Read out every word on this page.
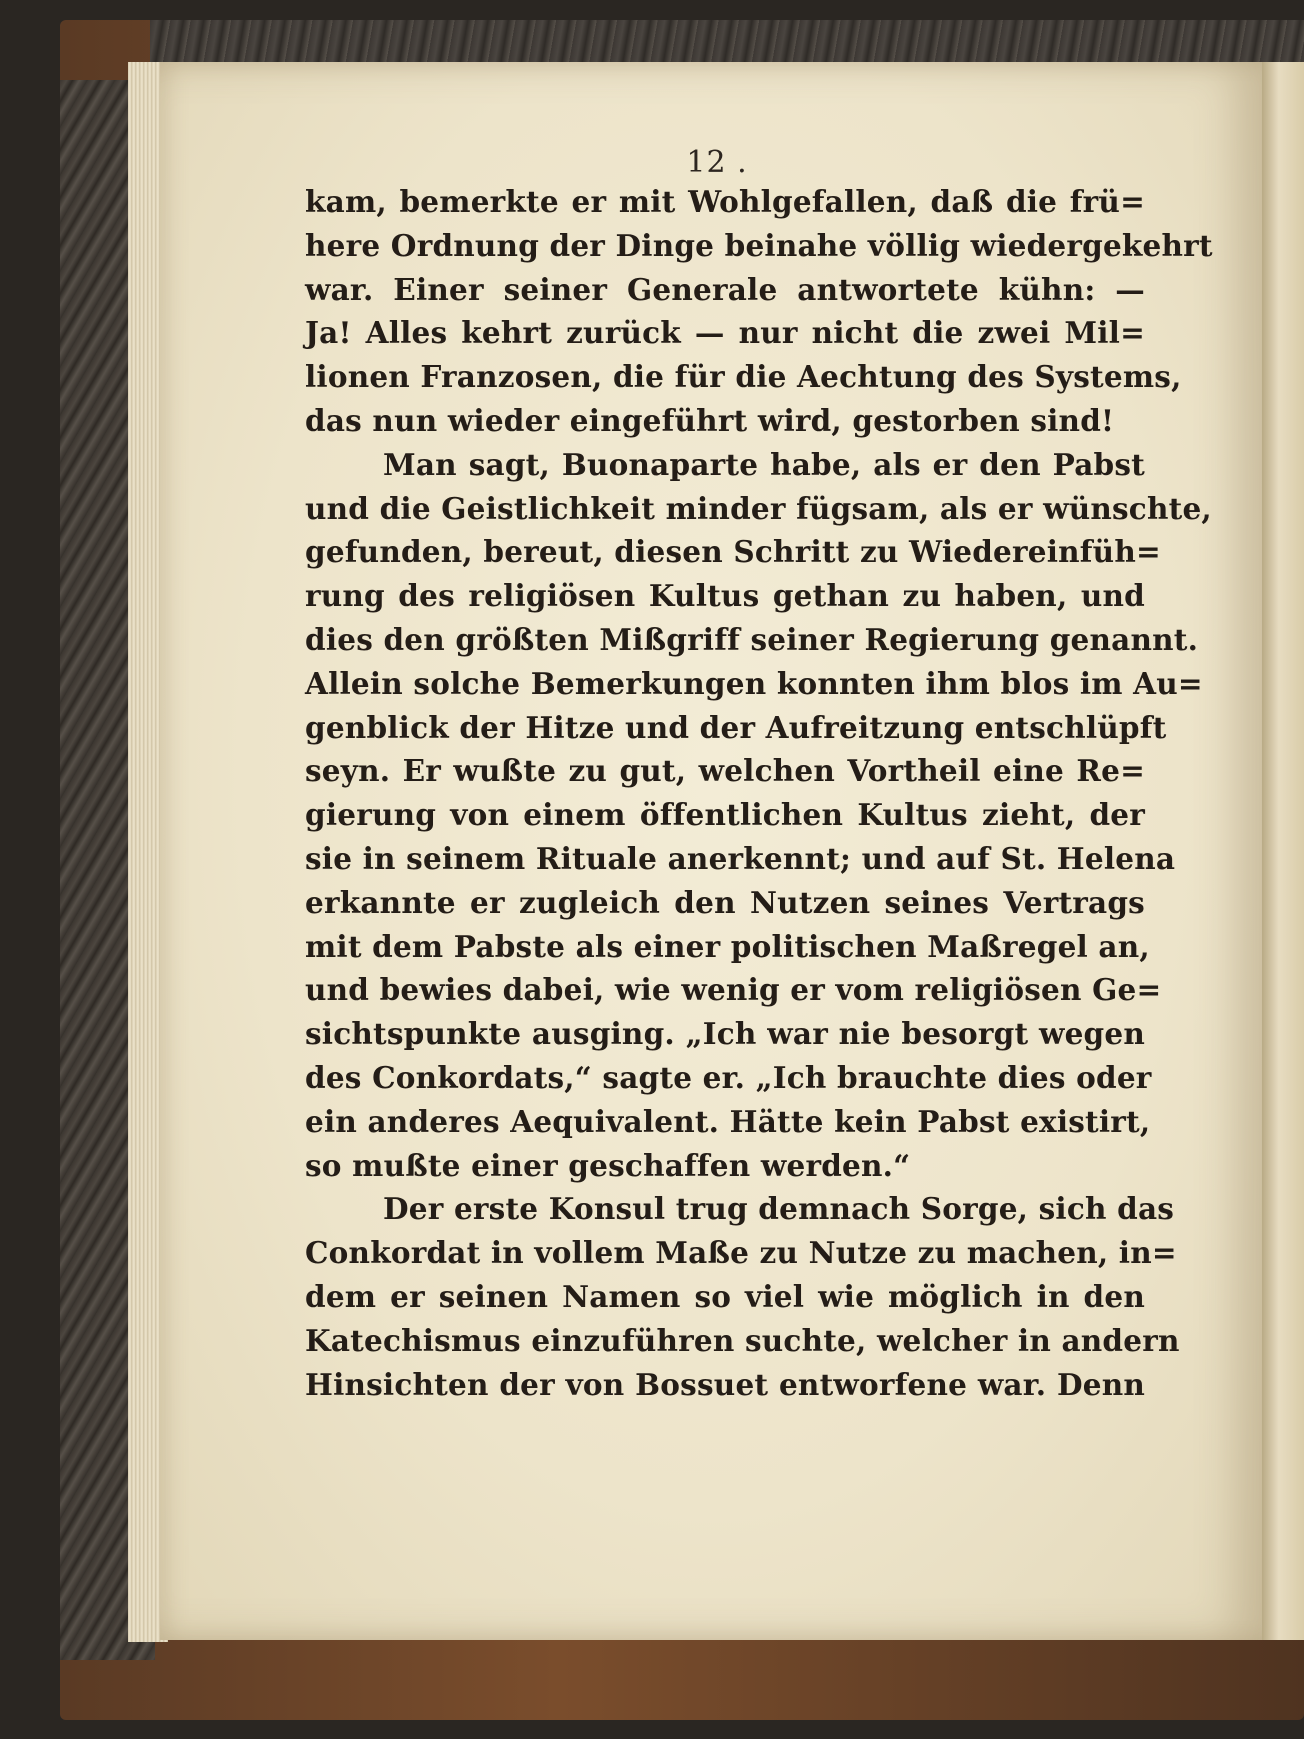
12 .
kam, bemerkte er mit Wohlgefallen, daß die frü=
here Ordnung der Dinge beinahe völlig wiedergekehrt
war. Einer seiner Generale antwortete kühn: —
Ja! Alles kehrt zurück — nur nicht die zwei Mil=
lionen Franzosen, die für die Aechtung des Systems,
das nun wieder eingeführt wird, gestorben sind!
Man sagt, Buonaparte habe, als er den Pabst
und die Geistlichkeit minder fügsam, als er wünschte,
gefunden, bereut, diesen Schritt zu Wiedereinfüh=
rung des religiösen Kultus gethan zu haben, und
dies den größten Mißgriff seiner Regierung genannt.
Allein solche Bemerkungen konnten ihm blos im Au=
genblick der Hitze und der Aufreitzung entschlüpft
seyn. Er wußte zu gut, welchen Vortheil eine Re=
gierung von einem öffentlichen Kultus zieht, der
sie in seinem Rituale anerkennt; und auf St. Helena
erkannte er zugleich den Nutzen seines Vertrags
mit dem Pabste als einer politischen Maßregel an,
und bewies dabei, wie wenig er vom religiösen Ge=
sichtspunkte ausging. „Ich war nie besorgt wegen
des Conkordats,“ sagte er. „Ich brauchte dies oder
ein anderes Aequivalent. Hätte kein Pabst existirt,
so mußte einer geschaffen werden.“
Der erste Konsul trug demnach Sorge, sich das
Conkordat in vollem Maße zu Nutze zu machen, in=
dem er seinen Namen so viel wie möglich in den
Katechismus einzuführen suchte, welcher in andern
Hinsichten der von Bossuet entworfene war. Denn
